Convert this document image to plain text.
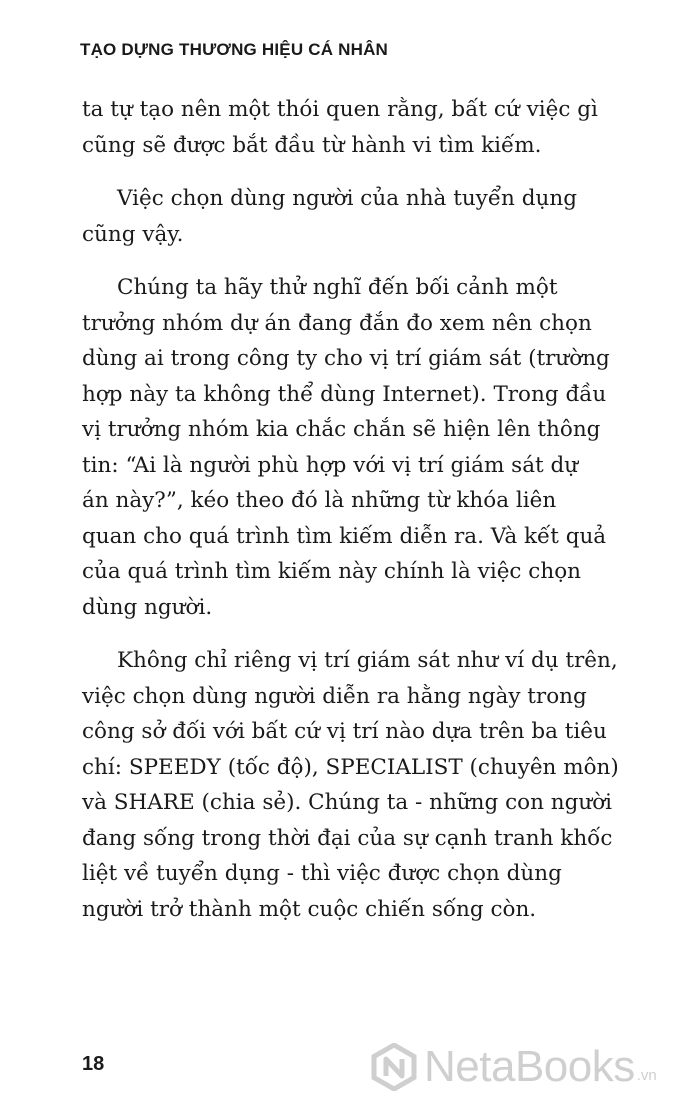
TẠO DỰNG THƯƠNG HIỆU CÁ NHÂN
ta tự tạo nên một thói quen rằng, bất cứ việc gì
cũng sẽ được bắt đầu từ hành vi tìm kiếm.
Việc chọn dùng người của nhà tuyển dụng
cũng vậy.
Chúng ta hãy thử nghĩ đến bối cảnh một
trưởng nhóm dự án đang đắn đo xem nên chọn
dùng ai trong công ty cho vị trí giám sát (trường
hợp này ta không thể dùng Internet). Trong đầu
vị trưởng nhóm kia chắc chắn sẽ hiện lên thông
tin: “Ai là người phù hợp với vị trí giám sát dự
án này?”, kéo theo đó là những từ khóa liên
quan cho quá trình tìm kiếm diễn ra. Và kết quả
của quá trình tìm kiếm này chính là việc chọn
dùng người.
Không chỉ riêng vị trí giám sát như ví dụ trên,
việc chọn dùng người diễn ra hằng ngày trong
công sở đối với bất cứ vị trí nào dựa trên ba tiêu
chí: SPEEDY (tốc độ), SPECIALIST (chuyên môn)
và SHARE (chia sẻ). Chúng ta - những con người
đang sống trong thời đại của sự cạnh tranh khốc
liệt về tuyển dụng - thì việc được chọn dùng
người trở thành một cuộc chiến sống còn.
18	NetaBooks .vn
